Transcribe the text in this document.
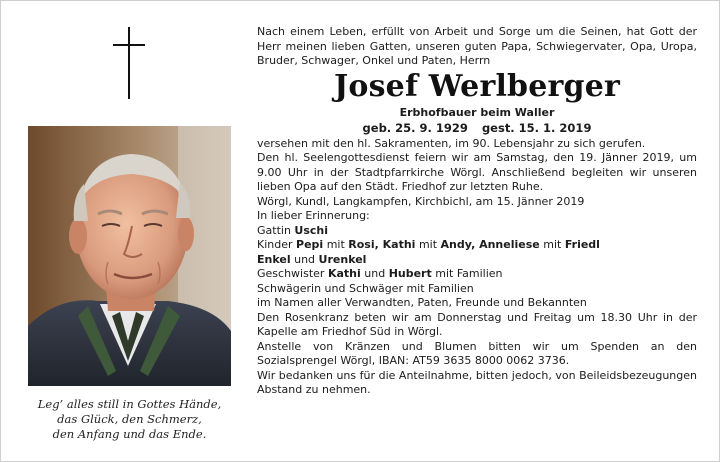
Leg’ alles still in Gottes Hände,
das Glück, den Schmerz,
den Anfang und das Ende.

Nach einem Leben, erfüllt von Arbeit und Sorge um die Seinen, hat Gott der Herr meinen lieben Gatten, unseren guten Papa, Schwiegervater, Opa, Uropa, Bruder, Schwager, Onkel und Paten, Herrn

Josef Werlberger
Erbhofbauer beim Waller
geb. 25. 9. 1929 gest. 15. 1. 2019

versehen mit den hl. Sakramenten, im 90. Lebensjahr zu sich gerufen.

Den hl. Seelengottesdienst feiern wir am Samstag, den 19. Jänner 2019, um 9.00 Uhr in der Stadtpfarrkirche Wörgl. Anschließend begleiten wir unseren lieben Opa auf den Städt. Friedhof zur letzten Ruhe.

Wörgl, Kundl, Langkampfen, Kirchbichl, am 15. Jänner 2019

In lieber Erinnerung:

Gattin Uschi

Kinder Pepi mit Rosi, Kathi mit Andy, Anneliese mit Friedl

Enkel und Urenkel

Geschwister Kathi und Hubert mit Familien

Schwägerin und Schwäger mit Familien

im Namen aller Verwandten, Paten, Freunde und Bekannten

Den Rosenkranz beten wir am Donnerstag und Freitag um 18.30 Uhr in der Kapelle am Friedhof Süd in Wörgl.

Anstelle von Kränzen und Blumen bitten wir um Spenden an den Sozialsprengel Wörgl, IBAN: AT59 3635 8000 0062 3736.

Wir bedanken uns für die Anteilnahme, bitten jedoch, von Beileidsbezeugungen Abstand zu nehmen.
